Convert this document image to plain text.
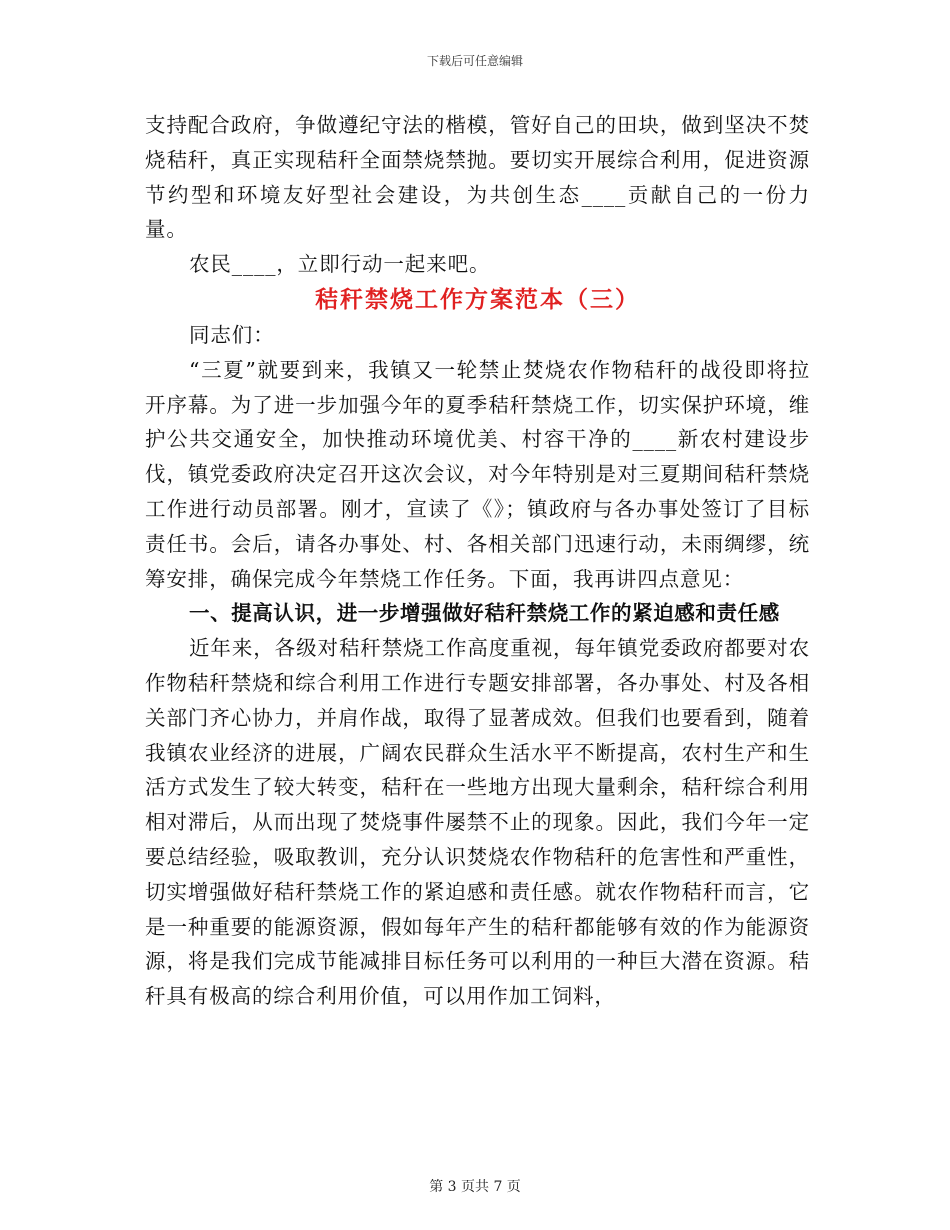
下载后可任意编辑

支持配合政府，争做遵纪守法的楷模，管好自己的田块，做到坚决不焚烧秸秆，真正实现秸秆全面禁烧禁抛。要切实开展综合利用，促进资源节约型和环境友好型社会建设，为共创生态____贡献自己的一份力量。

农民____，立即行动一起来吧。

秸秆禁烧工作方案范本（三）

同志们：

“三夏”就要到来，我镇又一轮禁止焚烧农作物秸秆的战役即将拉开序幕。为了进一步加强今年的夏季秸秆禁烧工作，切实保护环境，维护公共交通安全，加快推动环境优美、村容干净的____新农村建设步伐，镇党委政府决定召开这次会议，对今年特别是对三夏期间秸秆禁烧工作进行动员部署。刚才，宣读了《》；镇政府与各办事处签订了目标责任书。会后，请各办事处、村、各相关部门迅速行动，未雨绸缪，统筹安排，确保完成今年禁烧工作任务。下面，我再讲四点意见：

一、提高认识，进一步增强做好秸秆禁烧工作的紧迫感和责任感

近年来，各级对秸秆禁烧工作高度重视，每年镇党委政府都要对农作物秸秆禁烧和综合利用工作进行专题安排部署，各办事处、村及各相关部门齐心协力，并肩作战，取得了显著成效。但我们也要看到，随着我镇农业经济的进展，广阔农民群众生活水平不断提高，农村生产和生活方式发生了较大转变，秸秆在一些地方出现大量剩余，秸秆综合利用相对滞后，从而出现了焚烧事件屡禁不止的现象。因此，我们今年一定要总结经验，吸取教训，充分认识焚烧农作物秸秆的危害性和严重性，切实增强做好秸秆禁烧工作的紧迫感和责任感。就农作物秸秆而言，它是一种重要的能源资源，假如每年产生的秸秆都能够有效的作为能源资源，将是我们完成节能减排目标任务可以利用的一种巨大潜在资源。秸秆具有极高的综合利用价值，可以用作加工饲料，

第 3 页共 7 页
